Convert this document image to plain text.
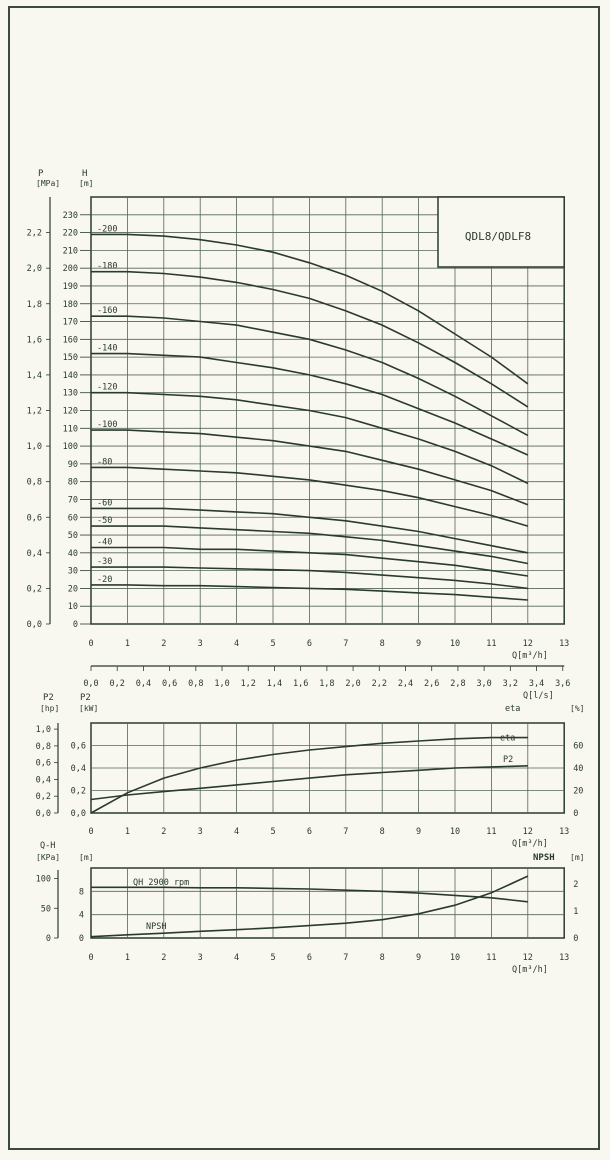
QDL8/QDLF8
[m]
H
0
10
20
30
40
50
60
70
80
90
100
110
120
130
140
150
160
170
180
190
200
210
220
230
[MPa]
P
0,0
0,2
0,4
0,6
0,8
1,0
1,2
1,4
1,6
1,8
2,0
2,2
0	1	2	3	4	5	6	7	8	9	10	11	12	13
Q[m³/h]
0,0 0,2 0,4 0,6 0,8 1,0 1,2 1,4 1,6 1,8 2,0 2,2 2,4 2,6 2,8 3,0 3,2 3,4 3,6
Q[l/s]
-200
-180
-160
-140
-120
-100
-80
-60
-50
-40
-30
-20
P2
[hp]
P2
[kW]	eta	[%]
0,0
0,2
0,4
0,6
0,8
1,0
0,0
0,2
0,4
0,6
0
20
40
60
0	1	2	3	4	5	6	7	8	9	10	11	12	13
Q[m³/h]
eta
P2
Q-H
[KPa] [m]	NPSH [m]
0
50
100
0
4
8
0
1
2
0	1	2	3	4	5	6	7	8	9	10	11	12	13
Q[m³/h]
QH 2900 rpm
NPSH
